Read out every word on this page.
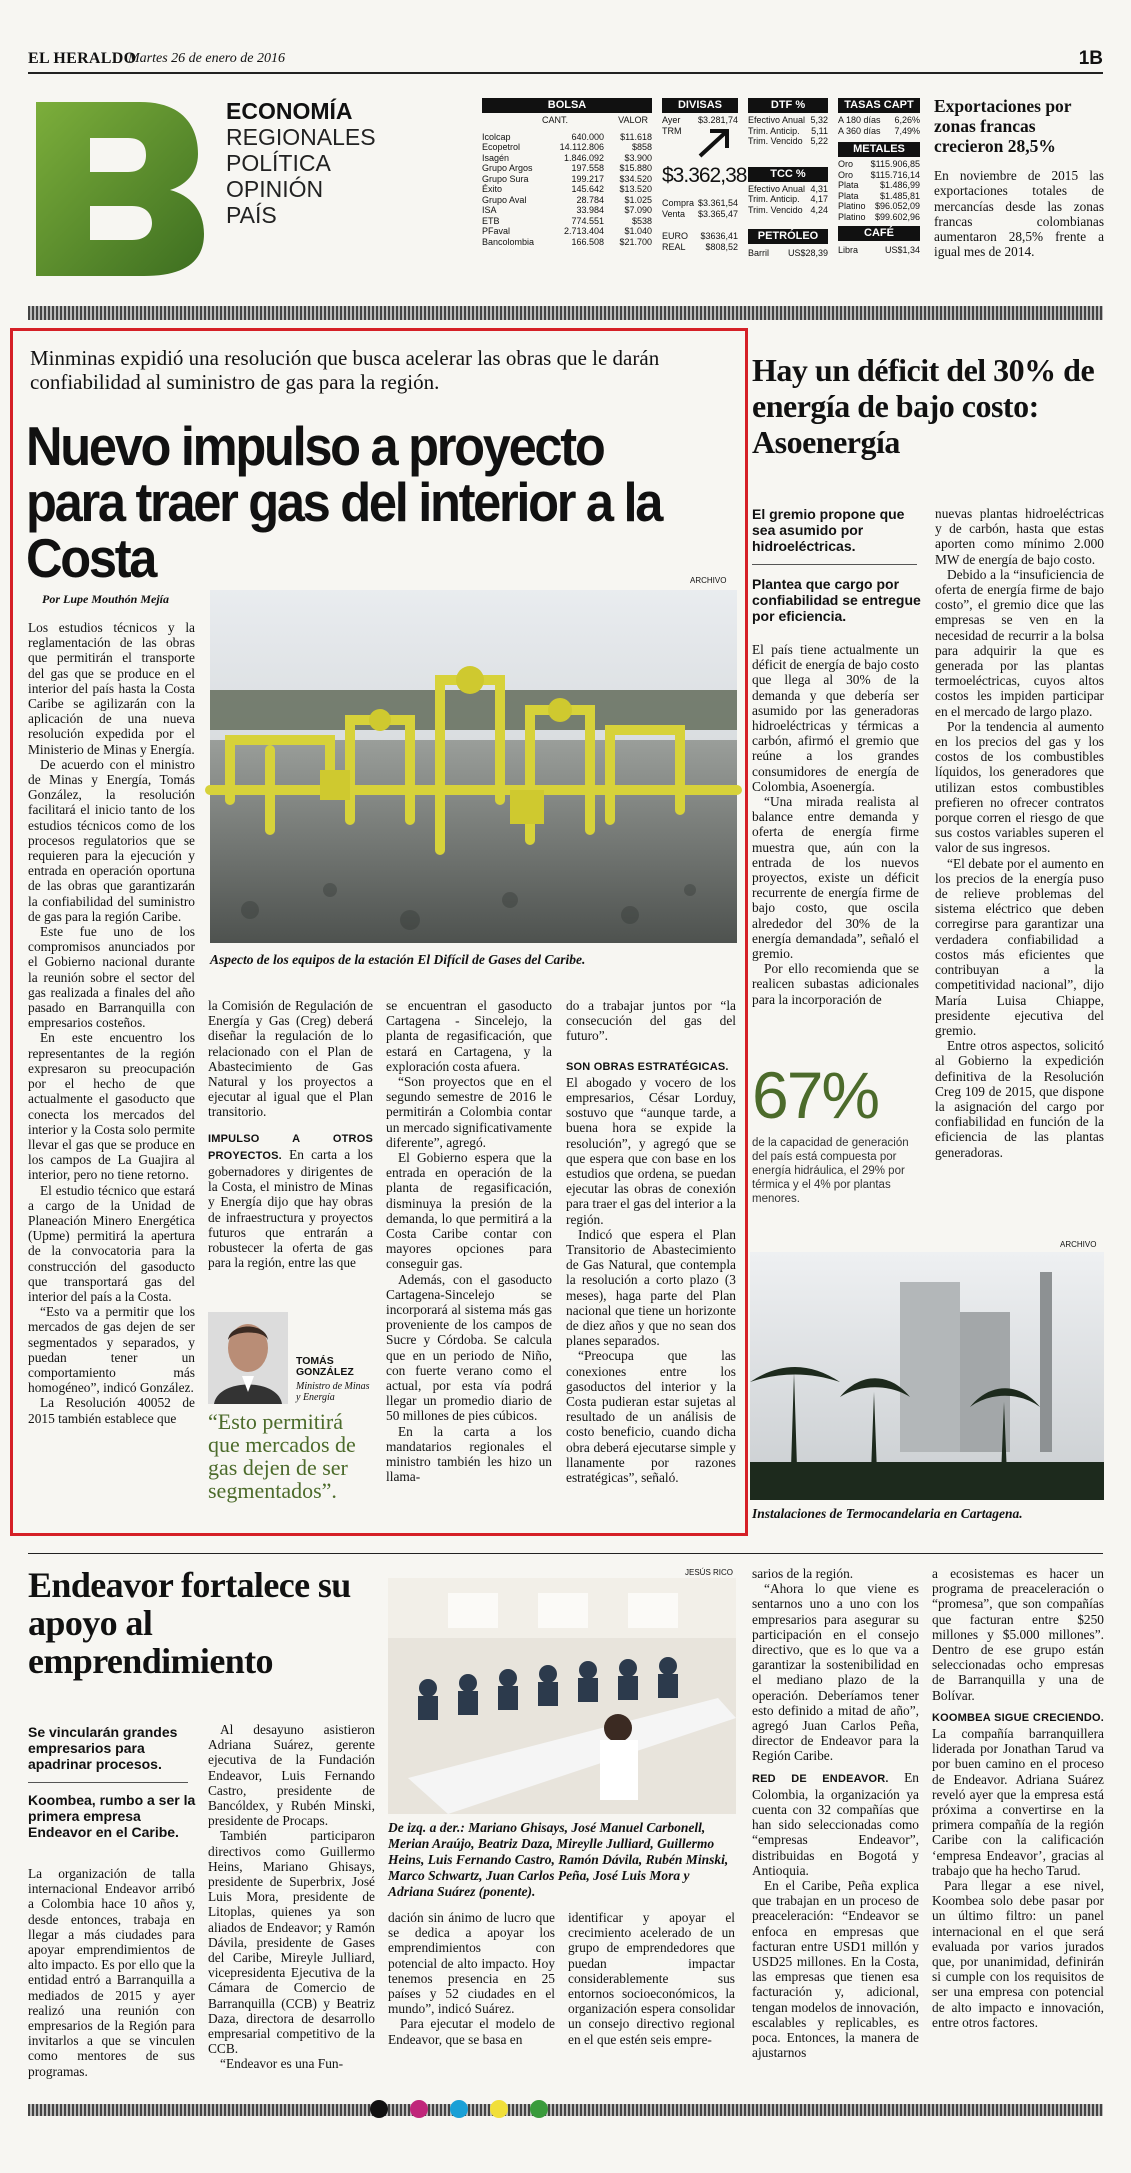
EL HERALDO
Martes 26 de enero de 2016	1B
ECONOMÍA
REGIONALES
POLÍTICA
OPINIÓN
PAÍS
BOLSA
CANT.	VALOR
Icolcap	640.000	$11.618
Ecopetrol	14.112.806	$858
Isagén	1.846.092	$3.900
Grupo Argos	197.558	$15.880
Grupo Sura	199.217	$34.520
Éxito	145.642	$13.520
Grupo Aval	28.784	$1.025
ISA	33.984	$7.090
ETB	774.551	$538
PFaval	2.713.404	$1.040
Bancolombia	166.508	$21.700
DIVISAS
Ayer $3.281,74
TRM
$3.362,38
Compra $3.361,54
Venta $3.365,47
EURO $3636,41
REAL $808,52
DTF %
Efectivo Anual 5,32
Trim. Anticip. 5,11
Trim. Vencido 5,22
TCC %
Efectivo Anual 4,31
Trim. Anticip. 4,17
Trim. Vencido 4,24
PETRÓLEO
Barril US$28,39
TASAS CAPT
A 180 días 6,26%
A 360 días 7,49%
METALES
Oro $115.906,85
Oro $115.716,14
Plata $1.486,99
Plata $1.485,81
Platino $96.052,09
Platino $99.602,96
CAFÉ
Libra	US$1,34
Exportaciones por zonas francas crecieron 28,5%
En noviembre de 2015 las exportaciones totales de mercancías desde las zonas francas colombianas aumentaron 28,5% frente a igual mes de 2014.
Minminas expidió una resolución que busca acelerar las obras que le darán confiabilidad al suministro de gas para la región.
Nuevo impulso a proyecto para traer gas del interior a la Costa
Por Lupe Mouthón Mejía
ARCHIVO
Aspecto de los equipos de la estación El Difícil de Gases del Caribe.

Los estudios técnicos y la reglamentación de las obras que permitirán el transporte del gas que se produce en el interior del país hasta la Costa Caribe se agilizarán con la aplicación de una nueva resolución expedida por el Ministerio de Minas y Energía.

De acuerdo con el ministro de Minas y Energía, Tomás González, la resolución facilitará el inicio tanto de los estudios técnicos como de los procesos regulatorios que se requieren para la ejecución y entrada en operación oportuna de las obras que garantizarán la confiabilidad del suministro de gas para la región Caribe.

Este fue uno de los compromisos anunciados por el Gobierno nacional durante la reunión sobre el sector del gas realizada a finales del año pasado en Barranquilla con empresarios costeños.

En este encuentro los representantes de la región expresaron su preocupación por el hecho de que actualmente el gasoducto que conecta los mercados del interior y la Costa solo permite llevar el gas que se produce en los campos de La Guajira al interior, pero no tiene retorno.

El estudio técnico que estará a cargo de la Unidad de Planeación Minero Energética (Upme) permitirá la apertura de la convocatoria para la construcción del gasoducto que transportará gas del interior del país a la Costa.

“Esto va a permitir que los mercados de gas dejen de ser segmentados y separados, y puedan tener un comportamiento más homogéneo”, indicó González.

La Resolución 40052 de 2015 también establece que

la Comisión de Regulación de Energía y Gas (Creg) deberá diseñar la regulación de lo relacionado con el Plan de Abastecimiento de Gas Natural y los proyectos a ejecutar al igual que el Plan transitorio.

IMPULSO A OTROS PROYECTOS. En carta a los gobernadores y dirigentes de la Costa, el ministro de Minas y Energía dijo que hay obras de infraestructura y proyectos futuros que entrarán a robustecer la oferta de gas para la región, entre las que

TOMÁS GONZÁLEZ
Ministro de Minas y Energía
“Esto permitirá que mercados de gas dejen de ser segmentados”.

se encuentran el gasoducto Cartagena - Sincelejo, la planta de regasificación, que estará en Cartagena, y la exploración costa afuera.

“Son proyectos que en el segundo semestre de 2016 le permitirán a Colombia contar un mercado significativamente diferente”, agregó.

El Gobierno espera que la entrada en operación de la planta de regasificación, disminuya la presión de la demanda, lo que permitirá a la Costa Caribe contar con mayores opciones para conseguir gas.

Además, con el gasoducto Cartagena-Sincelejo se incorporará al sistema más gas proveniente de los campos de Sucre y Córdoba. Se calcula que en un periodo de Niño, con fuerte verano como el actual, por esta vía podrá llegar un promedio diario de 50 millones de pies cúbicos.

En la carta a los mandatarios regionales el ministro también les hizo un llama-

do a trabajar juntos por “la consecución del gas del futuro”.

SON OBRAS ESTRATÉGICAS.
El abogado y vocero de los empresarios, César Lorduy, sostuvo que “aunque tarde, a buena hora se expide la resolución”, y agregó que se que espera que con base en los estudios que ordena, se puedan ejecutar las obras de conexión para traer el gas del interior a la región.

Indicó que espera el Plan Transitorio de Abastecimiento de Gas Natural, que contempla la resolución a corto plazo (3 meses), haga parte del Plan nacional que tiene un horizonte de diez años y que no sean dos planes separados.

“Preocupa que las conexiones entre los gasoductos del interior y la Costa pudieran estar sujetas al resultado de un análisis de costo beneficio, cuando dicha obra deberá ejecutarse simple y llanamente por razones estratégicas”, señaló.

Hay un déficit del 30% de energía de bajo costo: Asoenergía
El gremio propone que sea asumido por hidroeléctricas.
Plantea que cargo por confiabilidad se entregue por eficiencia.

El país tiene actualmente un déficit de energía de bajo costo que llega al 30% de la demanda y que debería ser asumido por las generadoras hidroeléctricas y térmicas a carbón, afirmó el gremio que reúne a los grandes consumidores de energía de Colombia, Asoenergía.

“Una mirada realista al balance entre demanda y oferta de energía firme muestra que, aún con la entrada de los nuevos proyectos, existe un déficit recurrente de energía firme de bajo costo, que oscila alrededor del 30% de la energía demandada”, señaló el gremio.

Por ello recomienda que se realicen subastas adicionales para la incorporación de

67%
de la capacidad de generación del país está compuesta por energía hidráulica, el 29% por térmica y el 4% por plantas menores.

nuevas plantas hidroeléctricas y de carbón, hasta que estas aporten como mínimo 2.000 MW de energía de bajo costo.

Debido a la “insuficiencia de oferta de energía firme de bajo costo”, el gremio dice que las empresas se ven en la necesidad de recurrir a la bolsa para adquirir la que es generada por las plantas termoeléctricas, cuyos altos costos les impiden participar en el mercado de largo plazo.

Por la tendencia al aumento en los precios del gas y los costos de los combustibles líquidos, los generadores que utilizan estos combustibles prefieren no ofrecer contratos porque corren el riesgo de que sus costos variables superen el valor de sus ingresos.

“El debate por el aumento en los precios de la energía puso de relieve problemas del sistema eléctrico que deben corregirse para garantizar una verdadera confiabilidad a costos más eficientes que contribuyan a la competitividad nacional”, dijo María Luisa Chiappe, presidente ejecutiva del gremio.

Entre otros aspectos, solicitó al Gobierno la expedición definitiva de la Resolución Creg 109 de 2015, que dispone la asignación del cargo por confiabilidad en función de la eficiencia de las plantas generadoras.

ARCHIVO
Instalaciones de Termocandelaria en Cartagena.
Endeavor fortalece su apoyo al emprendimiento
Se vincularán grandes empresarios para apadrinar procesos.
Koombea, rumbo a ser la primera empresa Endeavor en el Caribe.

La organización de talla internacional Endeavor arribó a Colombia hace 10 años y, desde entonces, trabaja en llegar a más ciudades para apoyar emprendimientos de alto impacto. Es por ello que la entidad entró a Barranquilla a mediados de 2015 y ayer realizó una reunión con empresarios de la Región para invitarlos a que se vinculen como mentores de sus programas.

Al desayuno asistieron Adriana Suárez, gerente ejecutiva de la Fundación Endeavor, Luis Fernando Castro, presidente de Bancóldex, y Rubén Minski, presidente de Procaps.

También participaron directivos como Guillermo Heins, Mariano Ghisays, presidente de Superbrix, José Luis Mora, presidente de Litoplas, quienes ya son aliados de Endeavor; y Ramón Dávila, presidente de Gases del Caribe, Mireyle Julliard, vicepresidenta Ejecutiva de la Cámara de Comercio de Barranquilla (CCB) y Beatriz Daza, directora de desarrollo empresarial competitivo de la CCB.

“Endeavor es una Fun-

JESÚS RICO
De izq. a der.: Mariano Ghisays, José Manuel Carbonell, Merian Araújo, Beatriz Daza, Mireylle Julliard, Guillermo Heins, Luis Fernando Castro, Ramón Dávila, Rubén Minski, Marco Schwartz, Juan Carlos Peña, José Luis Mora y Adriana Suárez (ponente).

dación sin ánimo de lucro que se dedica a apoyar los emprendimientos con potencial de alto impacto. Hoy tenemos presencia en 25 países y 52 ciudades en el mundo”, indicó Suárez.

Para ejecutar el modelo de Endeavor, que se basa en

identificar y apoyar el crecimiento acelerado de un grupo de emprendedores que puedan impactar considerablemente sus entornos socioeconómicos, la organización espera consolidar un consejo directivo regional en el que estén seis empre-

sarios de la región.

“Ahora lo que viene es sentarnos uno a uno con los empresarios para asegurar su participación en el consejo directivo, que es lo que va a garantizar la sostenibilidad en el mediano plazo de la operación. Deberíamos tener esto definido a mitad de año”, agregó Juan Carlos Peña, director de Endeavor para la Región Caribe.

RED DE ENDEAVOR. En Colombia, la organización ya cuenta con 32 compañías que han sido seleccionadas como “empresas Endeavor”, distribuidas en Bogotá y Antioquia.

En el Caribe, Peña explica que trabajan en un proceso de preaceleración: “Endeavor se enfoca en empresas que facturan entre USD1 millón y USD25 millones. En la Costa, las empresas que tienen esa facturación y, adicional, tengan modelos de innovación, escalables y replicables, es poca. Entonces, la manera de ajustarnos

a ecosistemas es hacer un programa de preaceleración o “promesa”, que son compañías que facturan entre $250 millones y $5.000 millones”. Dentro de ese grupo están seleccionadas ocho empresas de Barranquilla y una de Bolívar.

KOOMBEA SIGUE CRECIENDO. La compañía barranquillera liderada por Jonathan Tarud va por buen camino en el proceso de Endeavor. Adriana Suárez reveló ayer que la empresa está próxima a convertirse en la primera compañía de la región Caribe con la calificación ‘empresa Endeavor’, gracias al trabajo que ha hecho Tarud.

Para llegar a ese nivel, Koombea solo debe pasar por un último filtro: un panel internacional en el que será evaluada por varios jurados que, por unanimidad, definirán si cumple con los requisitos de ser una empresa con potencial de alto impacto e innovación, entre otros factores.
